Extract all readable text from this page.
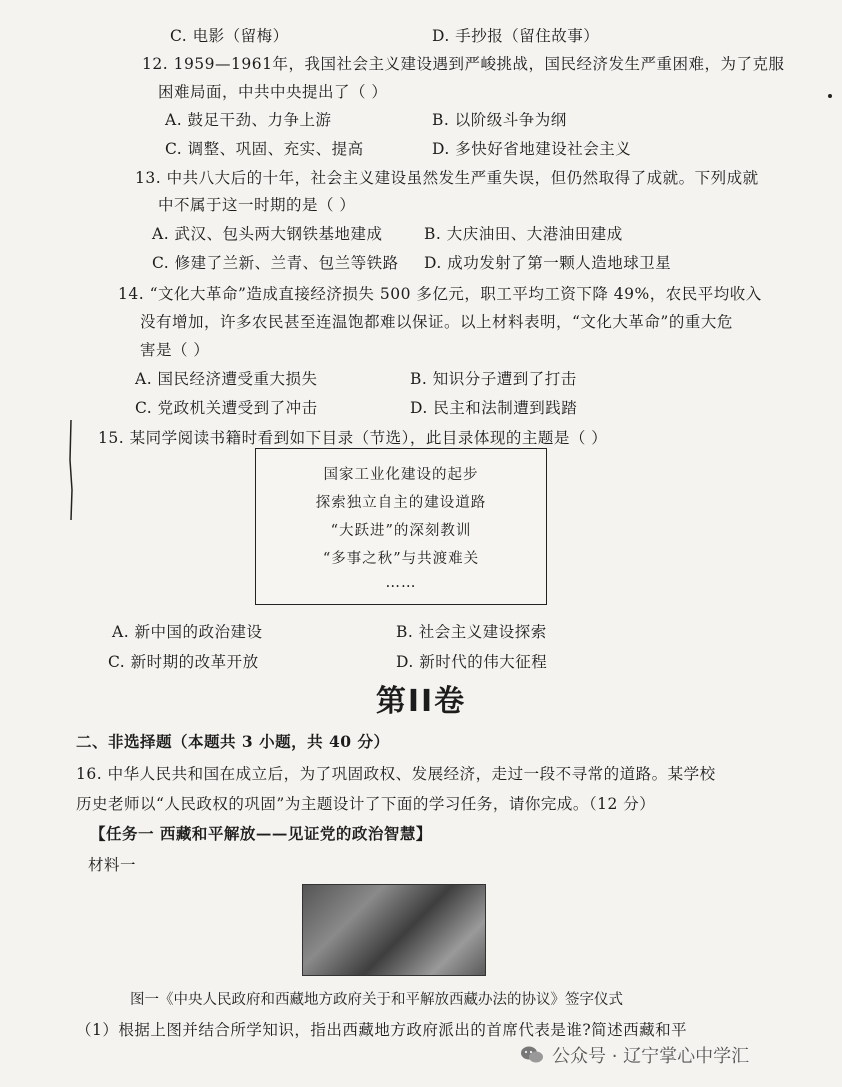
C. 电影（留梅）	D. 手抄报（留住故事）
12. 1959—1961年，我国社会主义建设遇到严峻挑战，国民经济发生严重困难，为了克服
困难局面，中共中央提出了（ ）
A. 鼓足干劲、力争上游	B. 以阶级斗争为纲
C. 调整、巩固、充实、提高	D. 多快好省地建设社会主义
13. 中共八大后的十年，社会主义建设虽然发生严重失误，但仍然取得了成就。下列成就
中不属于这一时期的是（ ）
A. 武汉、包头两大钢铁基地建成	B. 大庆油田、大港油田建成
C. 修建了兰新、兰青、包兰等铁路 D. 成功发射了第一颗人造地球卫星
14. “文化大革命”造成直接经济损失 500 多亿元，职工平均工资下降 49%，农民平均收入
没有增加，许多农民甚至连温饱都难以保证。以上材料表明，“文化大革命”的重大危
害是（ ）
A. 国民经济遭受重大损失	B. 知识分子遭到了打击
C. 党政机关遭受到了冲击	D. 民主和法制遭到践踏
15. 某同学阅读书籍时看到如下目录（节选），此目录体现的主题是（ ）
国家工业化建设的起步
探索独立自主的建设道路
“大跃进”的深刻教训
“多事之秋”与共渡难关
……
A. 新中国的政治建设	B. 社会主义建设探索
C. 新时期的改革开放	D. 新时代的伟大征程
第II卷
二、非选择题（本题共 3 小题，共 40 分）
16. 中华人民共和国在成立后，为了巩固政权、发展经济，走过一段不寻常的道路。某学校
历史老师以“人民政权的巩固”为主题设计了下面的学习任务，请你完成。（12 分）
【任务一 西藏和平解放——见证党的政治智慧】
材料一
图一《中央人民政府和西藏地方政府关于和平解放西藏办法的协议》签字仪式
（1）根据上图并结合所学知识，指出西藏地方政府派出的首席代表是谁?简述西藏和平
公众号 · 辽宁掌心中学汇
